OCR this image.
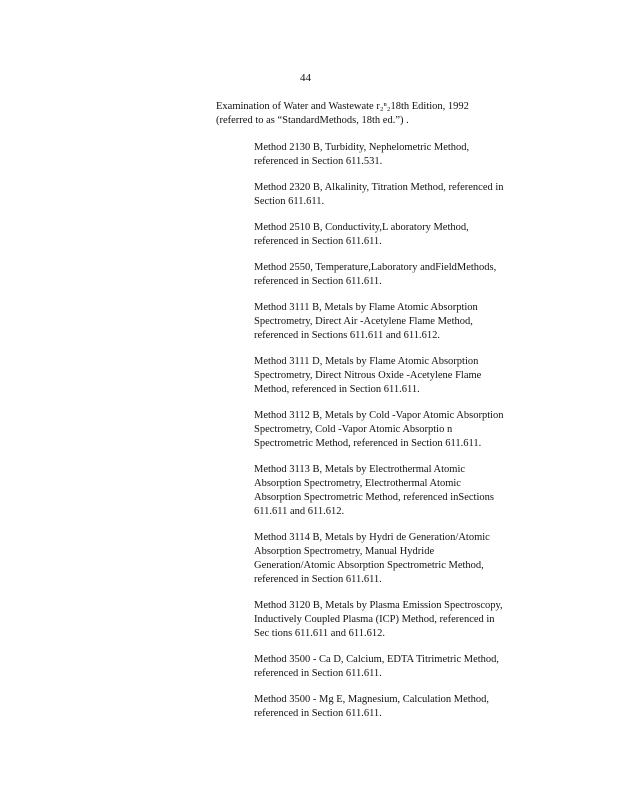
44
Examination of Water and Wastewate r₂ⁿ₂18th Edition, 1992
(referred to as “StandardMethods, 18th ed.”) .
Method 2130 B, Turbidity, Nephelometric Method,
referenced in Section 611.531.
Method 2320 B, Alkalinity, Titration Method, referenced in
Section 611.611.
Method 2510 B, Conductivity,L aboratory Method,
referenced in Section 611.611.
Method 2550, Temperature,Laboratory andFieldMethods,
referenced in Section 611.611.
Method 3111 B, Metals by Flame Atomic Absorption
Spectrometry, Direct Air -Acetylene Flame Method,
referenced in Sections 611.611 and 611.612.
Method 3111 D, Metals by Flame Atomic Absorption
Spectrometry, Direct Nitrous Oxide -Acetylene Flame
Method, referenced in Section 611.611.
Method 3112 B, Metals by Cold -Vapor Atomic Absorption
Spectrometry, Cold -Vapor Atomic Absorptio n
Spectrometric Method, referenced in Section 611.611.
Method 3113 B, Metals by Electrothermal Atomic
Absorption Spectrometry, Electrothermal Atomic
Absorption Spectrometric Method, referenced inSections
611.611 and 611.612.
Method 3114 B, Metals by Hydri de Generation/Atomic
Absorption Spectrometry, Manual Hydride
Generation/Atomic Absorption Spectrometric Method,
referenced in Section 611.611.
Method 3120 B, Metals by Plasma Emission Spectroscopy,
Inductively Coupled Plasma (ICP) Method, referenced in
Sec tions 611.611 and 611.612.
Method 3500 - Ca D, Calcium, EDTA Titrimetric Method,
referenced in Section 611.611.
Method 3500 - Mg E, Magnesium, Calculation Method,
referenced in Section 611.611.
